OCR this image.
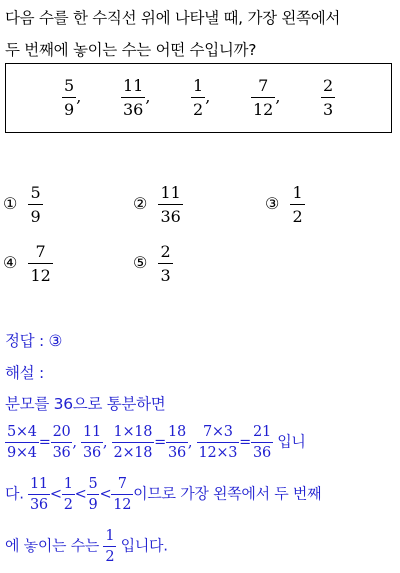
다음 수를 한 수직선 위에 나타낼 때, 가장 왼쪽에서
두 번째에 놓이는 수는 어떤 수입니까?
$\frac{5}{9}$ , $\frac{11}{36}$ ,	$\frac{1}{2}$ ,	$\frac{7}{12}$ ,	$\frac{2}{3}$
① $\frac{5}{9}$	② $\frac{11}{36}$	③ $\frac{1}{2}$
④ $\frac{7}{12}$	⑤ $\frac{2}{3}$
정답 : ③
해설 :
분모를 36으로 통분하면
$\frac{5\times 4}{9\times 4} = \frac{20}{36}$ , $\frac{11}{36}$ , $\frac{1\times 18}{2\times 18} = \frac{18}{36}$ , $\frac{7\times 3}{12\times 3} = \frac{21}{36}$ 입니
다. $\frac{11}{36} < \frac{1}{2} < \frac{5}{9} < \frac{7}{12}$ 이므로 가장 왼쪽에서 두 번째
에 놓이는 수는 $\frac{1}{2}$ 입니다.
